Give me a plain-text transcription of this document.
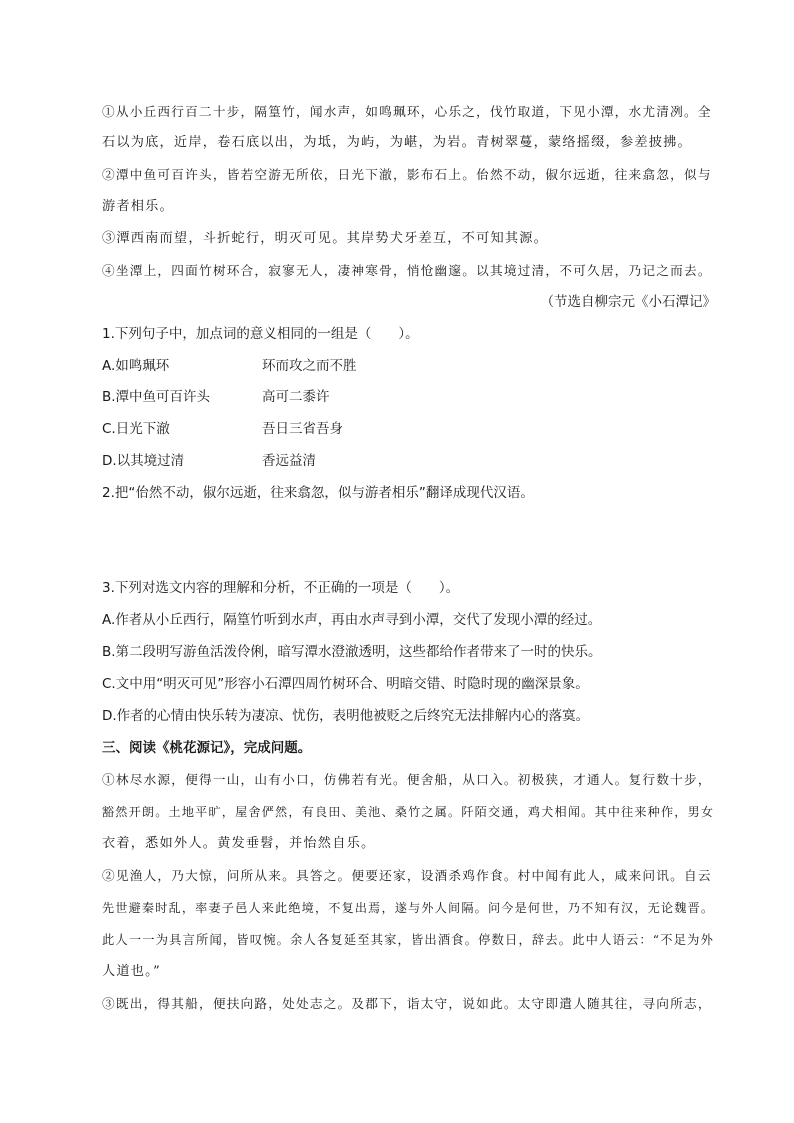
①从小丘西行百二十步，隔篁竹，闻水声，如鸣珮环，心乐之，伐竹取道，下见小潭，水尤清冽。全
石以为底，近岸，卷石底以出，为坻，为屿，为嵁，为岩。青树翠蔓，蒙络摇缀，参差披拂。
②潭中鱼可百许头，皆若空游无所依，日光下澈，影布石上。佁然不动，俶尔远逝，往来翕忽，似与
游者相乐。
③潭西南而望，斗折蛇行，明灭可见。其岸势犬牙差互，不可知其源。
④坐潭上，四面竹树环合，寂寥无人，凄神寒骨，悄怆幽邃。以其境过清，不可久居，乃记之而去。
（节选自柳宗元《小石潭记》
1.下列句子中，加点词的意义相同的一组是（　　）。
A.如鸣珮环	环而攻之而不胜
B.潭中鱼可百许头	高可二黍许
C.日光下澈	吾日三省吾身
D.以其境过清	香远益清
2.把“佁然不动，俶尔远逝，往来翕忽，似与游者相乐”翻译成现代汉语。
3.下列对选文内容的理解和分析，不正确的一项是（　　）。
A.作者从小丘西行，隔篁竹听到水声，再由水声寻到小潭，交代了发现小潭的经过。
B.第二段明写游鱼活泼伶俐，暗写潭水澄澈透明，这些都给作者带来了一时的快乐。
C.文中用“明灭可见”形容小石潭四周竹树环合、明暗交错、时隐时现的幽深景象。
D.作者的心情由快乐转为凄凉、忧伤，表明他被贬之后终究无法排解内心的落寞。
三、阅读《桃花源记》，完成问题。
①林尽水源，便得一山，山有小口，仿佛若有光。便舍船，从口入。初极狭，才通人。复行数十步，
豁然开朗。土地平旷，屋舍俨然，有良田、美池、桑竹之属。阡陌交通，鸡犬相闻。其中往来种作，男女
衣着，悉如外人。黄发垂髫，并怡然自乐。
②见渔人，乃大惊，问所从来。具答之。便要还家，设酒杀鸡作食。村中闻有此人，咸来问讯。自云
先世避秦时乱，率妻子邑人来此绝境，不复出焉，遂与外人间隔。问今是何世，乃不知有汉，无论魏晋。
此人一一为具言所闻，皆叹惋。余人各复延至其家，皆出酒食。停数日，辞去。此中人语云：“不足为外
人道也。”
③既出，得其船，便扶向路，处处志之。及郡下，诣太守，说如此。太守即遣人随其往，寻向所志，
